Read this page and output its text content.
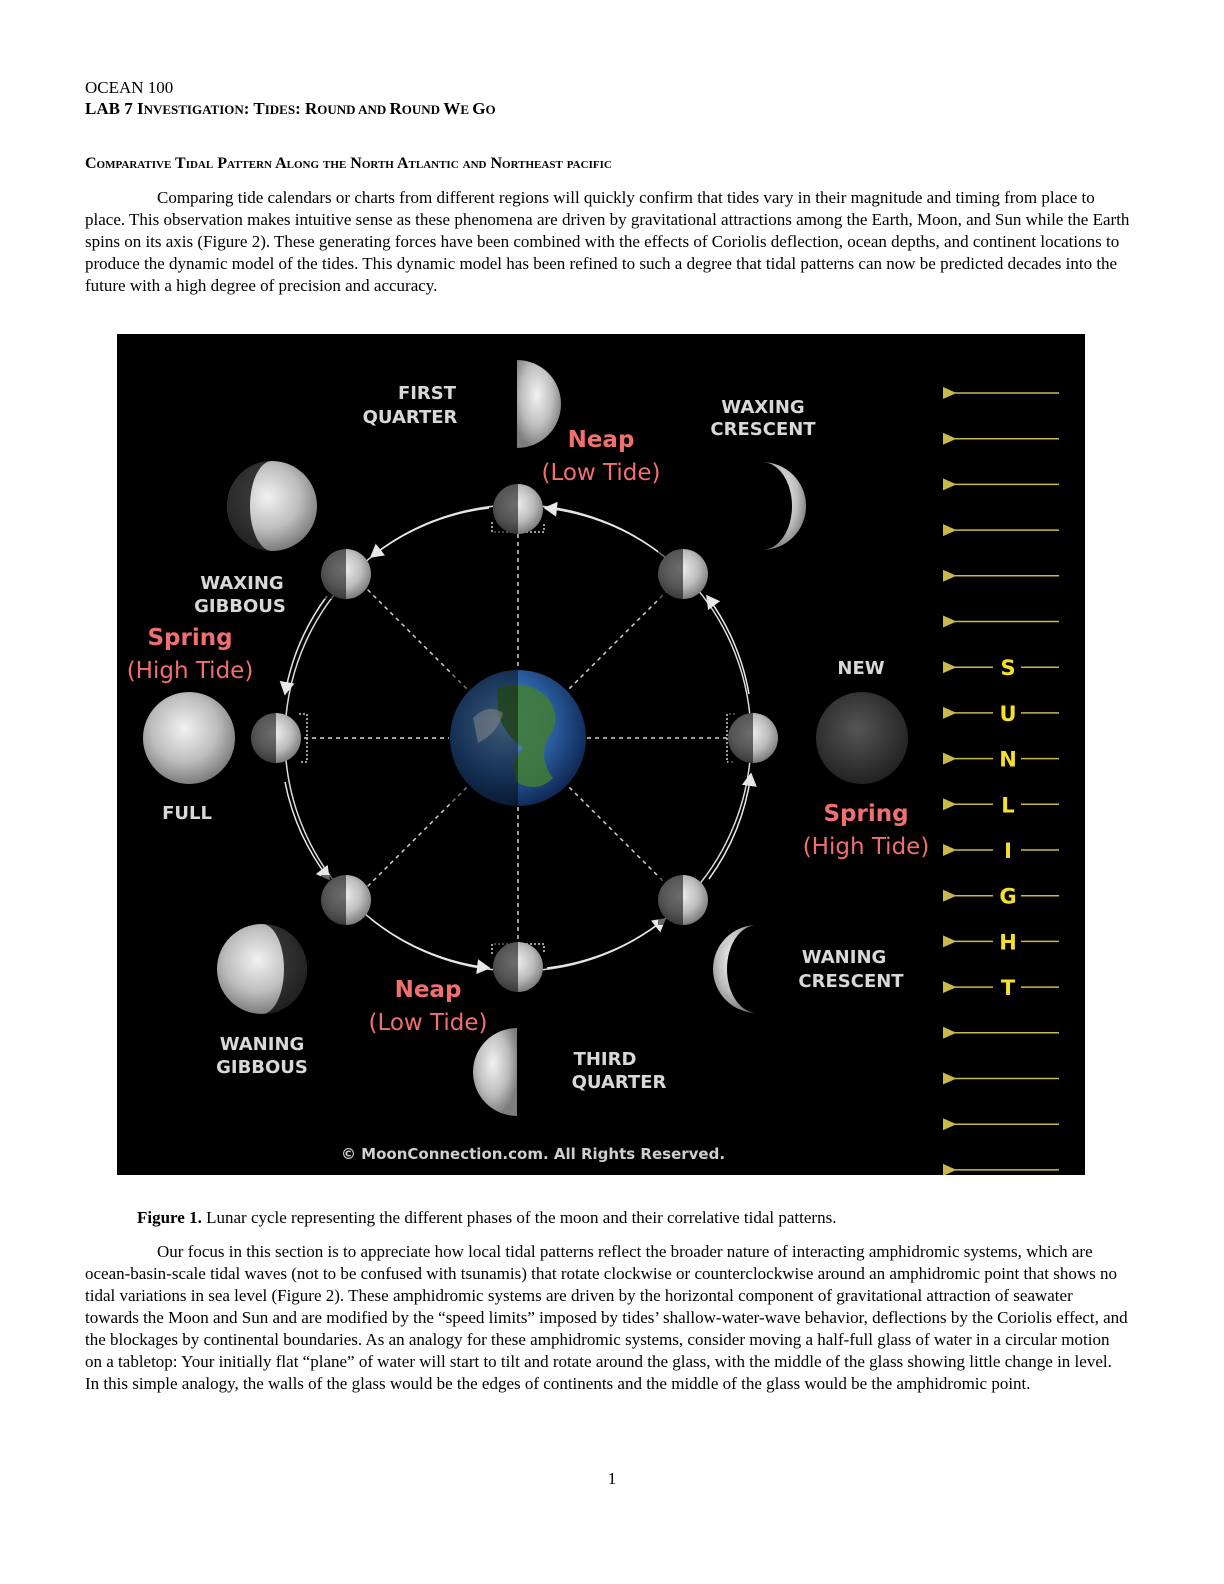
OCEAN 100
LAB 7 INVESTIGATION: TIDES: ROUND AND ROUND WE GO
Comparative Tidal Pattern Along the North Atlantic and Northeast pacific
Comparing tide calendars or charts from different regions will quickly confirm that tides vary in their magnitude and timing from place to place. This observation makes intuitive sense as these phenomena are driven by gravitational attractions among the Earth, Moon, and Sun while the Earth spins on its axis (Figure 2). These generating forces have been combined with the effects of Coriolis deflection, ocean depths, and continent locations to produce the dynamic model of the tides. This dynamic model has been refined to such a degree that tidal patterns can now be predicted decades into the future with a high degree of precision and accuracy.
FIRST
QUARTER	WAXING
CRESCENT
WAXING
GIBBOUS
NEW
FULL
WANING
CRESCENT
WANING
GIBBOUS	THIRD
QUARTER
Neap
(Low Tide)
Spring
(High Tide)
Spring
(High Tide)
Neap
(Low Tide)
S
U
N
L
I
G
H
T
© MoonConnection.com. All Rights Reserved.
Figure 1. Lunar cycle representing the different phases of the moon and their correlative tidal patterns.
Our focus in this section is to appreciate how local tidal patterns reflect the broader nature of interacting amphidromic systems, which are ocean-basin-scale tidal waves (not to be confused with tsunamis) that rotate clockwise or counterclockwise around an amphidromic point that shows no tidal variations in sea level (Figure 2). These amphidromic systems are driven by the horizontal component of gravitational attraction of seawater towards the Moon and Sun and are modified by the “speed limits” imposed by tides’ shallow-water-wave behavior, deflections by the Coriolis effect, and the blockages by continental boundaries. As an analogy for these amphidromic systems, consider moving a half-full glass of water in a circular motion on a tabletop: Your initially flat “plane” of water will start to tilt and rotate around the glass, with the middle of the glass showing little change in level. In this simple analogy, the walls of the glass would be the edges of continents and the middle of the glass would be the amphidromic point.
1
